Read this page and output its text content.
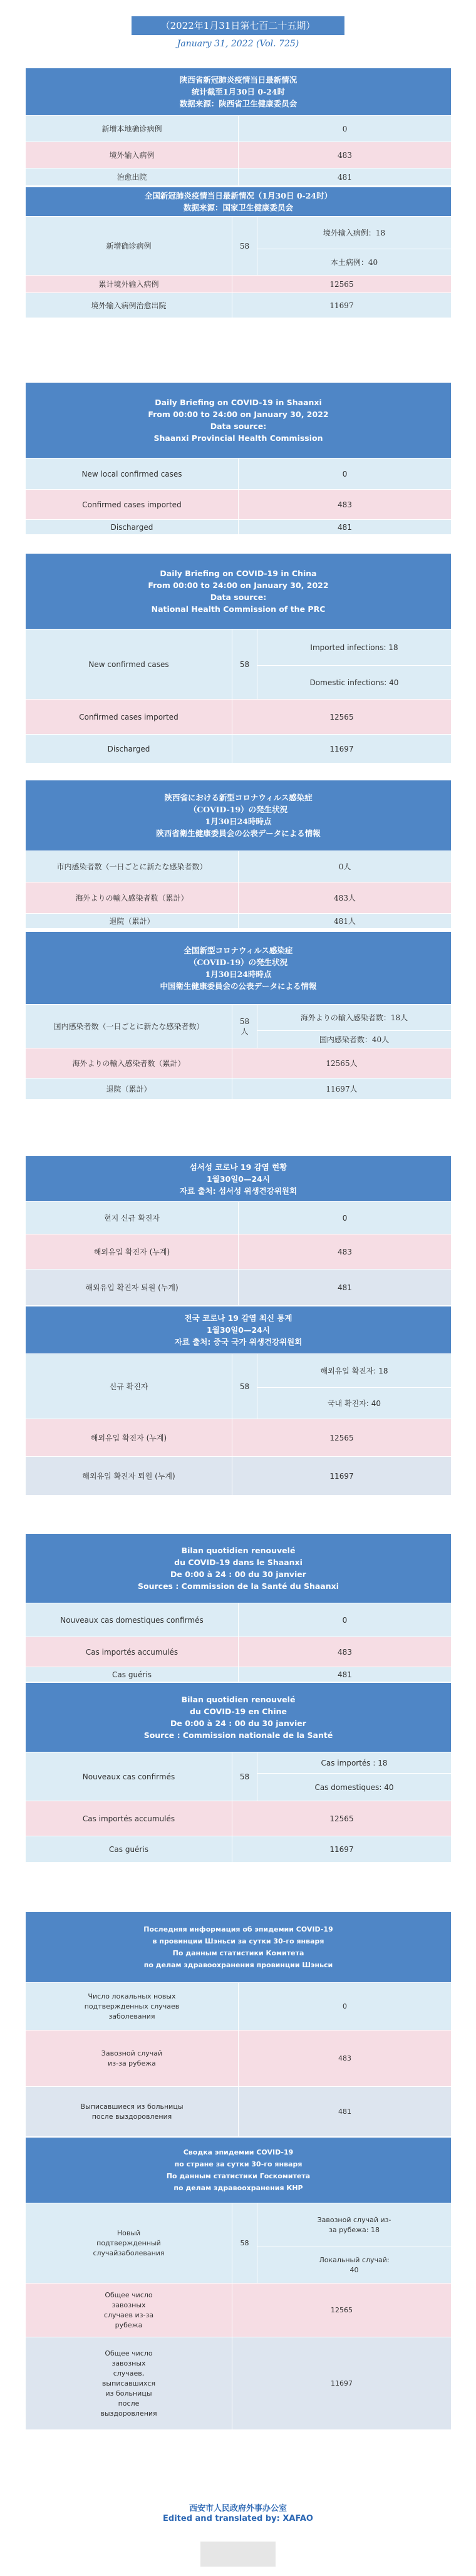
（2022年1月31日第七百二十五期）
January 31, 2022 (Vol. 725)
陕西省新冠肺炎疫情当日最新情况
统计截至1月30日 0-24时
数据来源：陕西省卫生健康委员会	

新增本地确诊病例	0
境外输入病例	483
治愈出院	481
全国新冠肺炎疫情当日最新情况（1月30日 0-24时）
数据来源：国家卫生健康委员会		

新增确诊病例	58	境外输入病例：18
		本土病例：40
累计境外输入病例	12565	
境外输入病例治愈出院	11697	
Daily Briefing on COVID-19 in Shaanxi
From 00:00 to 24:00 on January 30, 2022
Data source:
Shaanxi Provincial Health Commission	

New local confirmed cases	0
Confirmed cases imported	483
Discharged	481
Daily Briefing on COVID-19 in China
From 00:00 to 24:00 on January 30, 2022
Data source:
National Health Commission of the PRC		

New confirmed cases	58	Imported infections: 18
		Domestic infections: 40
Confirmed cases imported	12565	
Discharged	11697	
陝西省における新型コロナウィルス感染症
（COVID-19）の発生状況
1月30日24時時点
陝西省衛生健康委員会の公表データによる情報	

市内感染者数（一日ごとに新たな感染者数）	0人
海外よりの輸入感染者数（累計）	483人
退院（累計）	481人
全国新型コロナウィルス感染症
（COVID-19）の発生状況
1月30日24時時点
中国衛生健康委員会の公表データによる情報		

国内感染者数（一日ごとに新たな感染者数）	58人	海外よりの輸入感染者数：18人
		国内感染者数：40人
海外よりの輸入感染者数（累計）	12565人	
退院（累計）	11697人	
섬서성 코로나 19 감염 현황
1월30일0—24시
자료 출처: 섬서성 위생건강위원회	

현지 신규 확진자	0
해외유입 확진자 (누계)	483
해외유입 확진자 퇴원 (누계)	481
전국 코로나 19 감염 최신 통계
1월30일0—24시
자료 출처: 중국 국가 위생건강위원회		

신규 확진자	58	해외유입 확진자: 18
		국내 확진자: 40
해외유입 확진자 (누계)	12565	
해외유입 확진자 퇴원 (누계)	11697	
Bilan quotidien renouvelé
du COVID-19 dans le Shaanxi
De 0:00 à 24 : 00 du 30 janvier
Sources : Commission de la Santé du Shaanxi	

Nouveaux cas domestiques confirmés	0
Cas importés accumulés	483
Cas guéris	481
Bilan quotidien renouvelé
du COVID-19 en Chine
De 0:00 à 24 : 00 du 30 janvier
Source : Commission nationale de la Santé		

Nouveaux cas confirmés	58	Cas importés : 18
		Cas domestiques: 40
Cas importés accumulés	12565	
Cas guéris	11697	
Последняя информация об эпидемии COVID-19
в провинции Шэньси за сутки 30-го января
По данным статистики Комитета
по делам здравоохранения провинции Шэньси	

Число локальных новых подтвержденных случаев заболевания	0
Завозной случай из-за рубежа	483
Выписавшиеся из больницы после выздоровления	481
Сводка эпидемии COVID-19
по стране за сутки 30-го января
По данным статистики Госкомитета
по делам здравоохранения КНР		

Новый подтвержденный случайзаболевания	58	Завозной случай из-за рубежа: 18
		Локальный случай: 40
Общее число завозных случаев из-за рубежа	12565	
Общее число завозных случаев, выписавшихся из больницы после выздоровления	11697	
西安市人民政府外事办公室
Edited and translated by: XAFAO
